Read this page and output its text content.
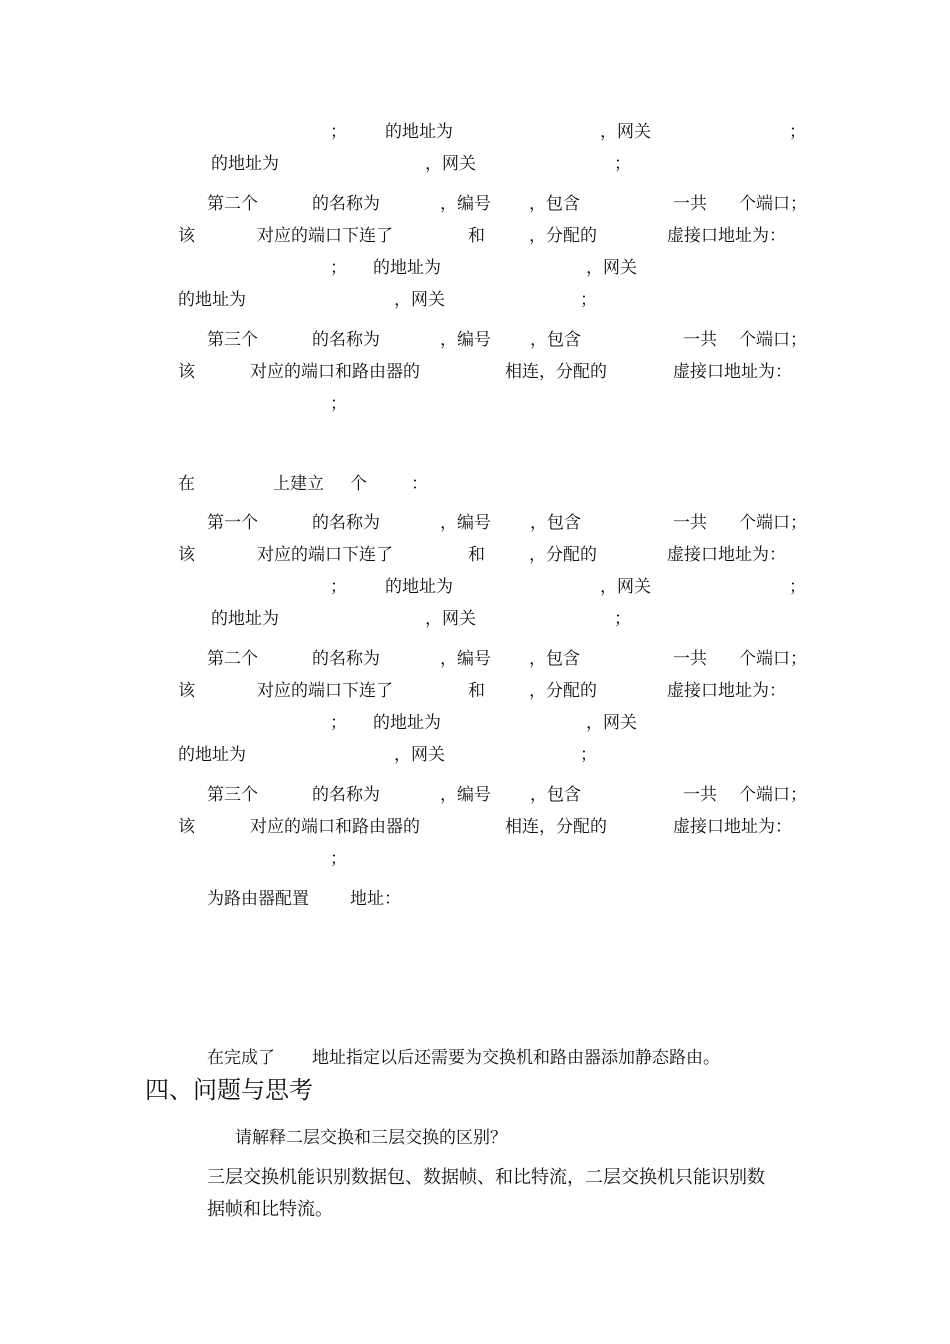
； 的地址为	，网关	；
的地址为	，网关	；
第二个	的名称为	，编号 ，包含	一共 个端口；
该	对应的端口下连了	和	，分配的	虚接口地址为：
； 的地址为	，网关
的地址为	，网关	；
第三个	的名称为	，编号 ，包含	一共 个端口；
该	对应的端口和路由器的	相连，分配的	虚接口地址为：
；
在	上建立 个	：
第一个	的名称为	，编号 ，包含	一共 个端口；
该	对应的端口下连了	和	，分配的	虚接口地址为：
； 的地址为	，网关	；
的地址为	，网关	；
第二个	的名称为	，编号 ，包含	一共 个端口；
该	对应的端口下连了	和	，分配的	虚接口地址为：
； 的地址为	，网关
的地址为	，网关	；
第三个	的名称为	，编号 ，包含	一共 个端口；
该	对应的端口和路由器的	相连，分配的	虚接口地址为：
；
为路由器配置 地址：
在完成了 地址指定以后还需要为交换机和路由器添加静态路由。
四、问题与思考
请解释二层交换和三层交换的区别？
三层交换机能识别数据包、数据帧、和比特流，二层交换机只能识别数
据帧和比特流。
